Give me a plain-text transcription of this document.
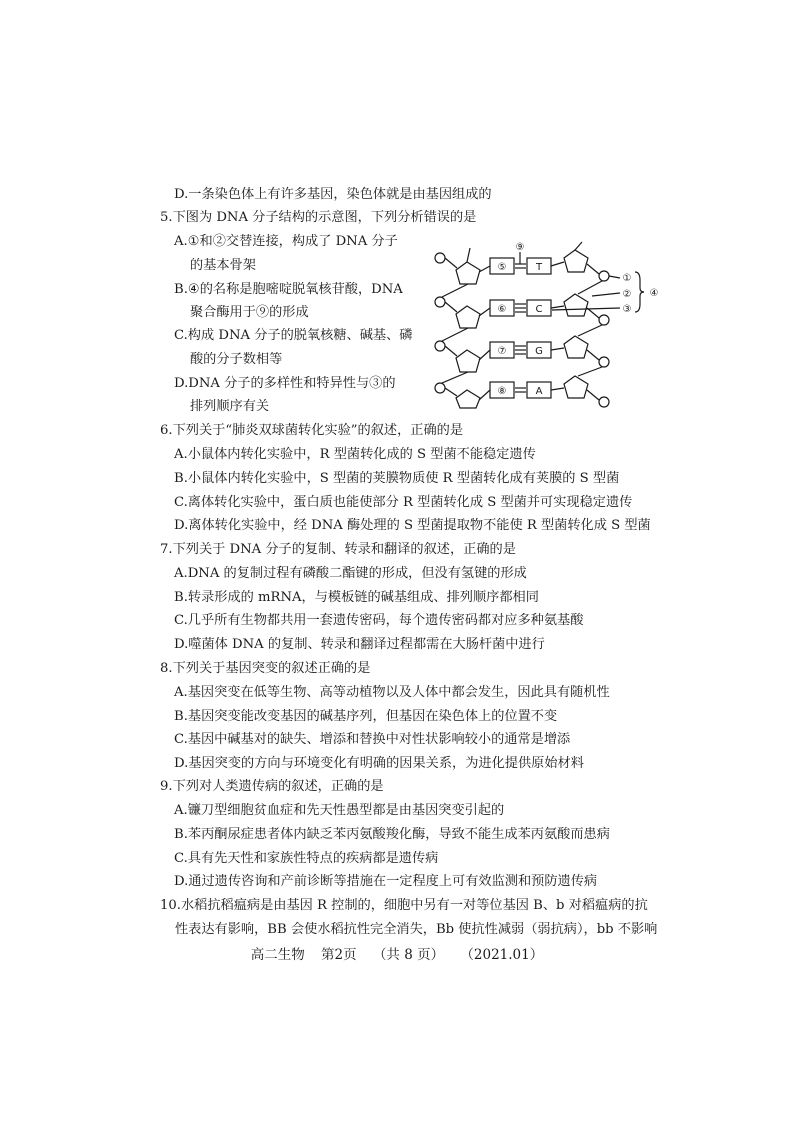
D.一条染色体上有许多基因，染色体就是由基因组成的
5.下图为 DNA 分子结构的示意图，下列分析错误的是
A.①和②交替连接，构成了 DNA 分子
的基本骨架
B.④的名称是胞嘧啶脱氧核苷酸，DNA
聚合酶用于⑨的形成
C.构成 DNA 分子的脱氧核糖、碱基、磷
酸的分子数相等
D.DNA 分子的多样性和特异性与③的
排列顺序有关
⑤
⑥
⑦
⑧
T
C
G
A
⑨
①
②
③
④
6.下列关于“肺炎双球菌转化实验”的叙述，正确的是
A.小鼠体内转化实验中，R 型菌转化成的 S 型菌不能稳定遗传
B.小鼠体内转化实验中，S 型菌的荚膜物质使 R 型菌转化成有荚膜的 S 型菌
C.离体转化实验中，蛋白质也能使部分 R 型菌转化成 S 型菌并可实现稳定遗传
D.离体转化实验中，经 DNA 酶处理的 S 型菌提取物不能使 R 型菌转化成 S 型菌
7.下列关于 DNA 分子的复制、转录和翻译的叙述，正确的是
A.DNA 的复制过程有磷酸二酯键的形成，但没有氢键的形成
B.转录形成的 mRNA，与模板链的碱基组成、排列顺序都相同
C.几乎所有生物都共用一套遗传密码，每个遗传密码都对应多种氨基酸
D.噬菌体 DNA 的复制、转录和翻译过程都需在大肠杆菌中进行
8.下列关于基因突变的叙述正确的是
A.基因突变在低等生物、高等动植物以及人体中都会发生，因此具有随机性
B.基因突变能改变基因的碱基序列，但基因在染色体上的位置不变
C.基因中碱基对的缺失、增添和替换中对性状影响较小的通常是增添
D.基因突变的方向与环境变化有明确的因果关系，为进化提供原始材料
9.下列对人类遗传病的叙述，正确的是
A.镰刀型细胞贫血症和先天性愚型都是由基因突变引起的
B.苯丙酮尿症患者体内缺乏苯丙氨酸羧化酶，导致不能生成苯丙氨酸而患病
C.具有先天性和家族性特点的疾病都是遗传病
D.通过遗传咨询和产前诊断等措施在一定程度上可有效监测和预防遗传病
10.水稻抗稻瘟病是由基因 R 控制的，细胞中另有一对等位基因 B、b 对稻瘟病的抗
性表达有影响，BB 会使水稻抗性完全消失，Bb 使抗性减弱（弱抗病），bb 不影响
高二生物 第2页 （共 8 页） （2021.01）
